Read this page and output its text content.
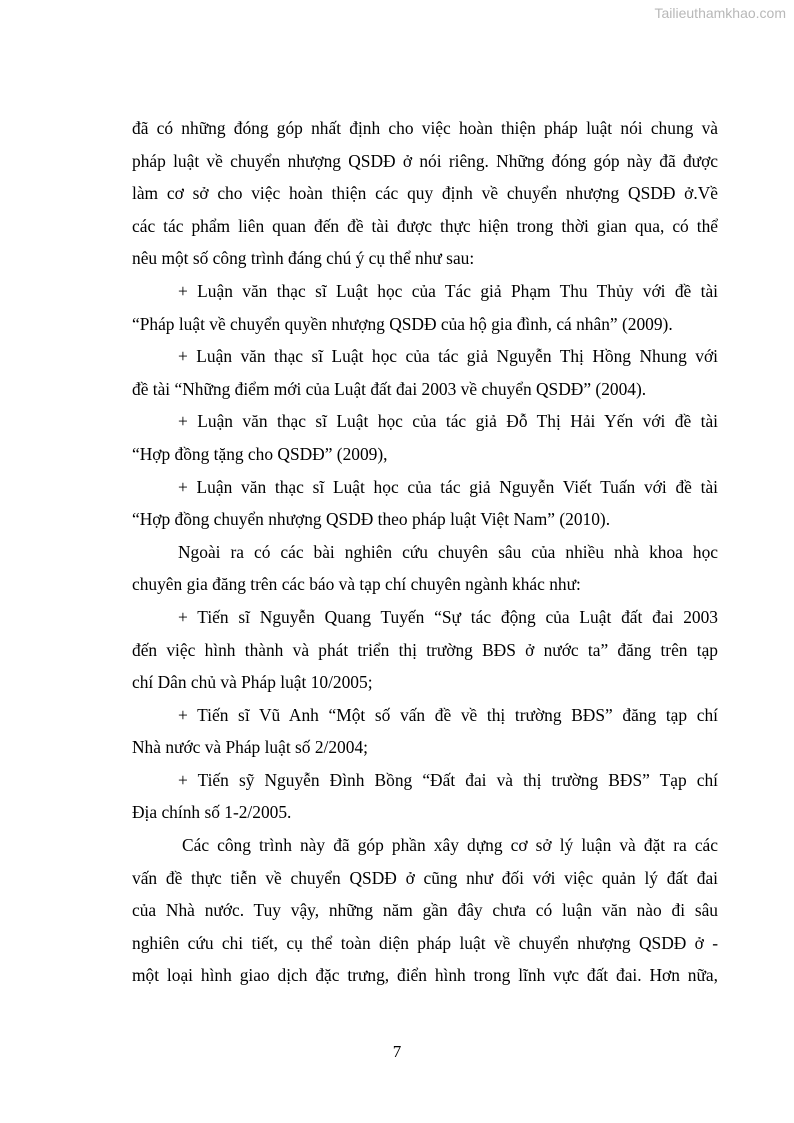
Tailieuthamkhao.com
đã có những đóng góp nhất định cho việc hoàn thiện pháp luật nói chung và
pháp luật về chuyển nhượng QSDĐ ở nói riêng. Những đóng góp này đã được
làm cơ sở cho việc hoàn thiện các quy định về chuyển nhượng QSDĐ ở.Về
các tác phẩm liên quan đến đề tài được thực hiện trong thời gian qua, có thể
nêu một số công trình đáng chú ý cụ thể như sau:
+ Luận văn thạc sĩ Luật học của Tác giả Phạm Thu Thủy với đề tài
“Pháp luật về chuyển quyền nhượng QSDĐ của hộ gia đình, cá nhân” (2009).
+ Luận văn thạc sĩ Luật học của tác giả Nguyễn Thị Hồng Nhung với
đề tài “Những điểm mới của Luật đất đai 2003 về chuyển QSDĐ” (2004).
+ Luận văn thạc sĩ Luật học của tác giả Đỗ Thị Hải Yến với đề tài
“Hợp đồng tặng cho QSDĐ” (2009),
+ Luận văn thạc sĩ Luật học của tác giả Nguyễn Viết Tuấn với đề tài
“Hợp đồng chuyển nhượng QSDĐ theo pháp luật Việt Nam” (2010).
Ngoài ra có các bài nghiên cứu chuyên sâu của nhiều nhà khoa học
chuyên gia đăng trên các báo và tạp chí chuyên ngành khác như:
+ Tiến sĩ Nguyễn Quang Tuyến “Sự tác động của Luật đất đai 2003
đến việc hình thành và phát triển thị trường BĐS ở nước ta” đăng trên tạp
chí Dân chủ và Pháp luật 10/2005;
+ Tiến sĩ Vũ Anh “Một số vấn đề về thị trường BĐS” đăng tạp chí
Nhà nước và Pháp luật số 2/2004;
+ Tiến sỹ Nguyễn Đình Bồng “Đất đai và thị trường BĐS” Tạp chí
Địa chính số 1-2/2005.
Các công trình này đã góp phần xây dựng cơ sở lý luận và đặt ra các
vấn đề thực tiễn về chuyển QSDĐ ở cũng như đối với việc quản lý đất đai
của Nhà nước. Tuy vậy, những năm gần đây chưa có luận văn nào đi sâu
nghiên cứu chi tiết, cụ thể toàn diện pháp luật về chuyển nhượng QSDĐ ở -
một loại hình giao dịch đặc trưng, điển hình trong lĩnh vực đất đai. Hơn nữa,
7
